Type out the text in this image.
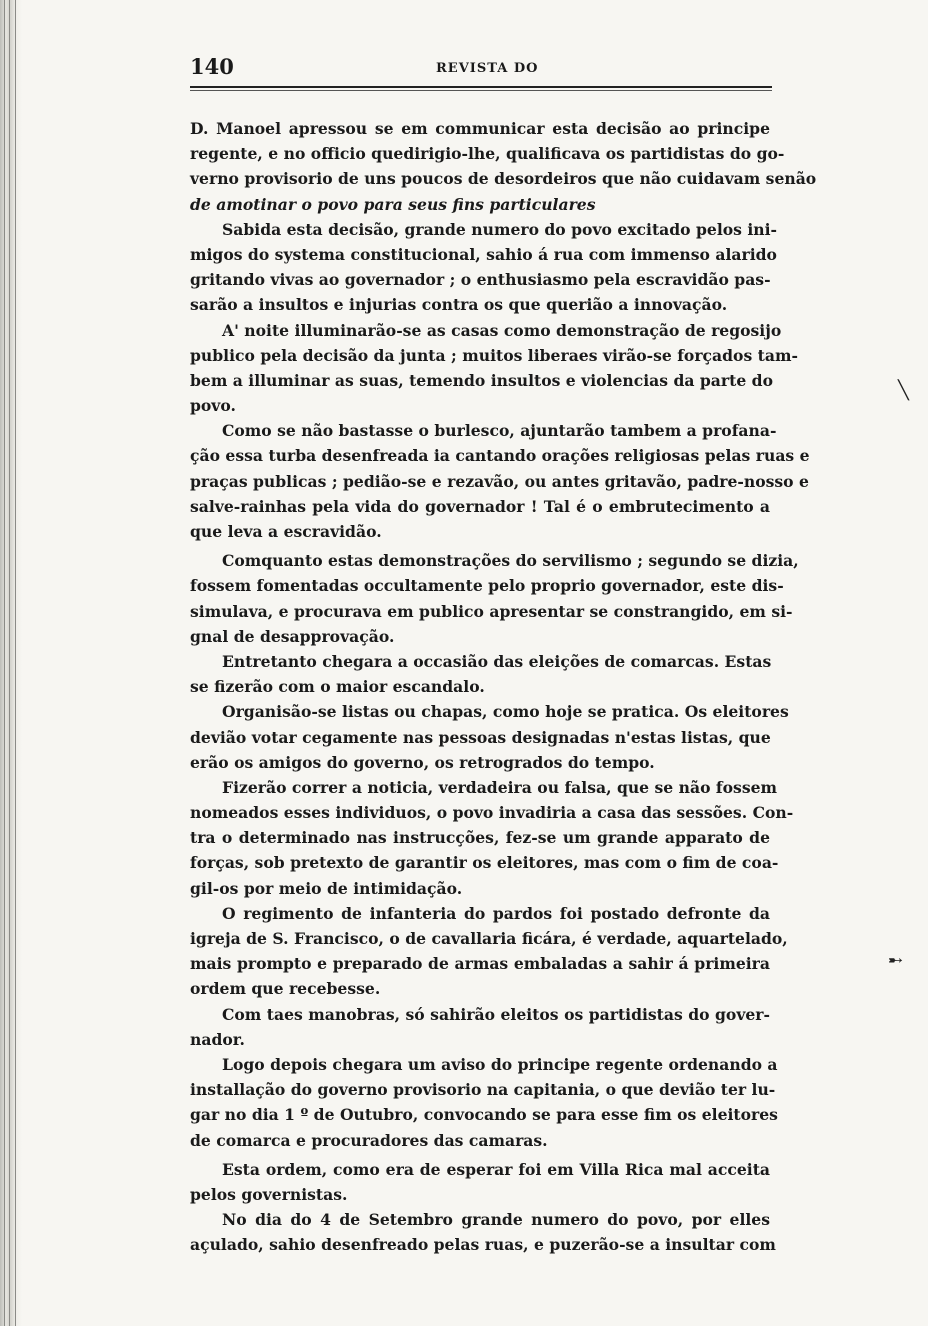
140	REVISTA DO
D. Manoel apressou se em communicar esta decisão ao principe
regente, e no officio quedirigio-lhe, qualificava os partidistas do go-
verno provisorio de uns poucos de desordeiros que não cuidavam senão
de amotinar o povo para seus fins particulares
Sabida esta decisão, grande numero do povo excitado pelos ini-
migos do systema constitucional, sahio á rua com immenso alarido
gritando vivas ao governador ; o enthusiasmo pela escravidão pas-
sarão a insultos e injurias contra os que querião a innovação.
A' noite illuminarão-se as casas como demonstração de regosijo
publico pela decisão da junta ; muitos liberaes virão-se forçados tam-
bem a illuminar as suas, temendo insultos e violencias da parte do
povo.
Como se não bastasse o burlesco, ajuntarão tambem a profana-
ção essa turba desenfreada ia cantando orações religiosas pelas ruas e
praças publicas ; pedião-se e rezavão, ou antes gritavão, padre-nosso e
salve-rainhas pela vida do governador ! Tal é o embrutecimento a
que leva a escravidão.
Comquanto estas demonstrações do servilismo ; segundo se dizia,
fossem fomentadas occultamente pelo proprio governador, este dis-
simulava, e procurava em publico apresentar se constrangido, em si-
gnal de desapprovação.
Entretanto chegara a occasião das eleições de comarcas. Estas
se fizerão com o maior escandalo.
Organisão-se listas ou chapas, como hoje se pratica. Os eleitores
devião votar cegamente nas pessoas designadas n'estas listas, que
erão os amigos do governo, os retrogrados do tempo.
Fizerão correr a noticia, verdadeira ou falsa, que se não fossem
nomeados esses individuos, o povo invadiria a casa das sessões. Con-
tra o determinado nas instrucções, fez-se um grande apparato de
forças, sob pretexto de garantir os eleitores, mas com o fim de coa-
gil-os por meio de intimidação.
O regimento de infanteria do pardos foi postado defronte da
igreja de S. Francisco, o de cavallaria ficára, é verdade, aquartelado,
mais prompto e preparado de armas embaladas a sahir á primeira
ordem que recebesse.
Com taes manobras, só sahirão eleitos os partidistas do gover-
nador.
Logo depois chegara um aviso do principe regente ordenando a
installação do governo provisorio na capitania, o que devião ter lu-
gar no dia 1 º de Outubro, convocando se para esse fim os eleitores
de comarca e procuradores das camaras.
Esta ordem, como era de esperar foi em Villa Rica mal acceita
pelos governistas.
No dia do 4 de Setembro grande numero do povo, por elles
açulado, sahio desenfreado pelas ruas, e puzerão-se a insultar com
╲
➸
